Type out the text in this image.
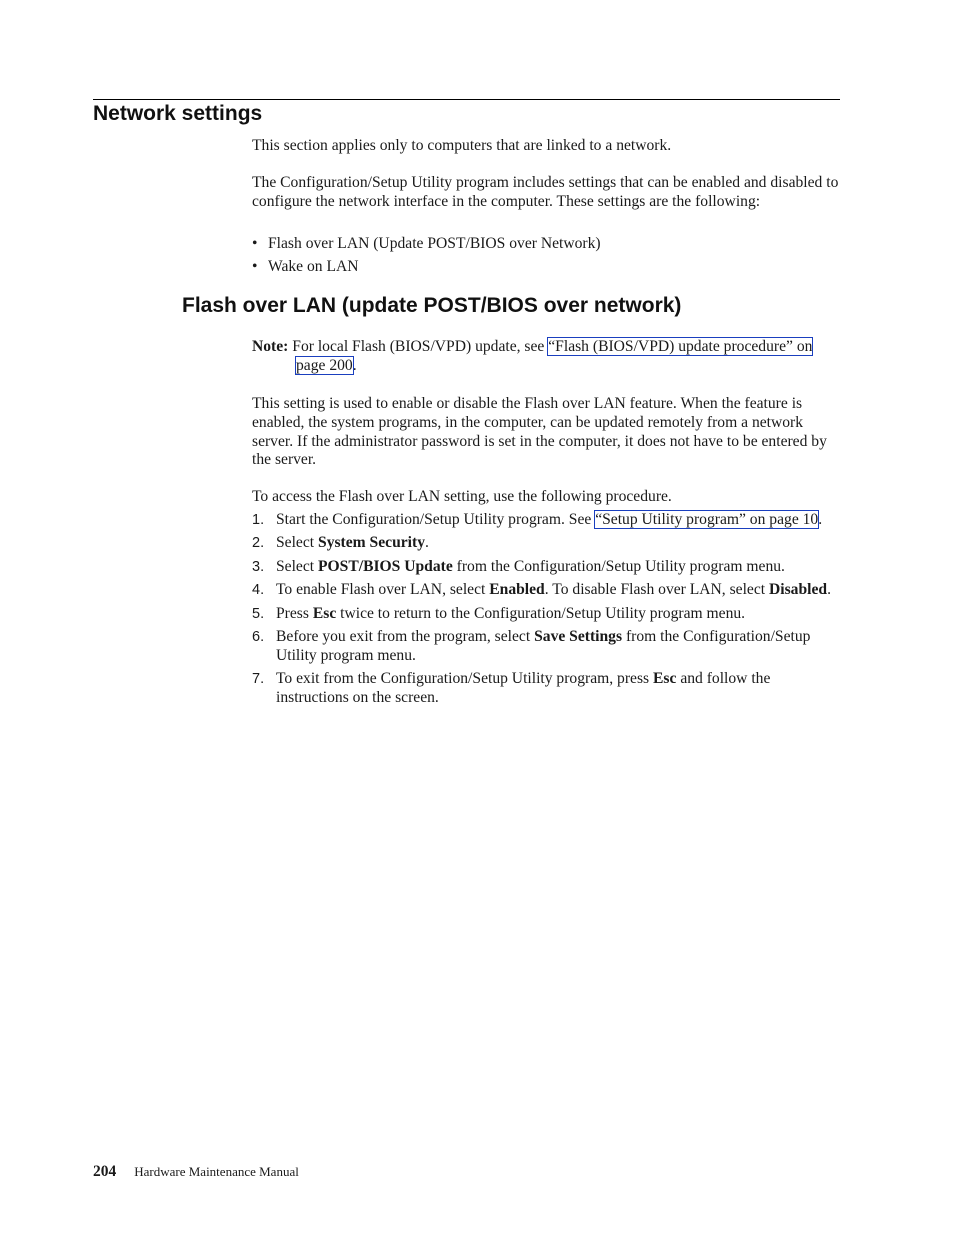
Network settings

This section applies only to computers that are linked to a network.

The Configuration/Setup Utility program includes settings that can be enabled and disabled to configure the network interface in the computer. These settings are the following:

• Flash over LAN (Update POST/BIOS over Network)
• Wake on LAN
Flash over LAN (update POST/BIOS over network)
Note: For local Flash (BIOS/VPD) update, see “Flash (BIOS/VPD) update procedure” on page 200.

This setting is used to enable or disable the Flash over LAN feature. When the feature is enabled, the system programs, in the computer, can be updated remotely from a network server. If the administrator password is set in the computer, it does not have to be entered by the server.

To access the Flash over LAN setting, use the following procedure.

1. Start the Configuration/Setup Utility program. See “Setup Utility program” on page 10.
2. Select System Security.
3. Select POST/BIOS Update from the Configuration/Setup Utility program menu.
4. To enable Flash over LAN, select Enabled. To disable Flash over LAN, select Disabled.
5. Press Esc twice to return to the Configuration/Setup Utility program menu.
6. Before you exit from the program, select Save Settings from the Configuration/Setup Utility program menu.
7. To exit from the Configuration/Setup Utility program, press Esc and follow the instructions on the screen.
204 Hardware Maintenance Manual
